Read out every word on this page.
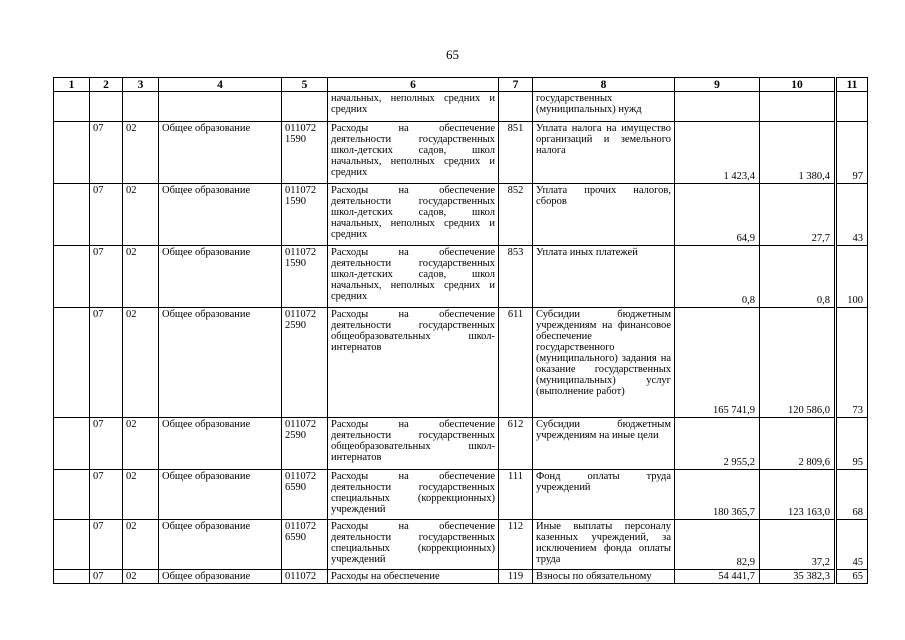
65
1	2	3	4	5	6	7	8	9	10	11
					начальных, неполных средних и средних		государственных (муниципальных) нужд			
	07	02	Общее образование	011072 1590	Расходы на обеспечение деятельности государственных школ-детских садов, школ начальных, неполных средних и средних	851	Уплата налога на имущество организаций и земельного налога	1 423,4	1 380,4	97
	07	02	Общее образование	011072 1590	Расходы на обеспечение деятельности государственных школ-детских садов, школ начальных, неполных средних и средних	852	Уплата прочих налогов, сборов	64,9	27,7	43
	07	02	Общее образование	011072 1590	Расходы на обеспечение деятельности государственных школ-детских садов, школ начальных, неполных средних и средних	853	Уплата иных платежей	0,8	0,8	100
	07	02	Общее образование	011072 2590	Расходы на обеспечение деятельности государственных общеобразовательных школ-интернатов	611	Субсидии бюджетным учреждениям на финансовое обеспечение государственного (муниципального) задания на оказание государственных (муниципальных) услуг (выполнение работ)	165 741,9	120 586,0	73
	07	02	Общее образование	011072 2590	Расходы на обеспечение деятельности государственных общеобразовательных школ-интернатов	612	Субсидии бюджетным учреждениям на иные цели	2 955,2	2 809,6	95
	07	02	Общее образование	011072 6590	Расходы на обеспечение деятельности государственных специальных (коррекционных) учреждений	111	Фонд оплаты труда учреждений	180 365,7	123 163,0	68
	07	02	Общее образование	011072 6590	Расходы на обеспечение деятельности государственных специальных (коррекционных) учреждений	112	Иные выплаты персоналу казенных учреждений, за исключением фонда оплаты труда	82,9	37,2	45
	07	02	Общее образование	011072	Расходы на обеспечение	119	Взносы по обязательному	54 441,7	35 382,3	65
